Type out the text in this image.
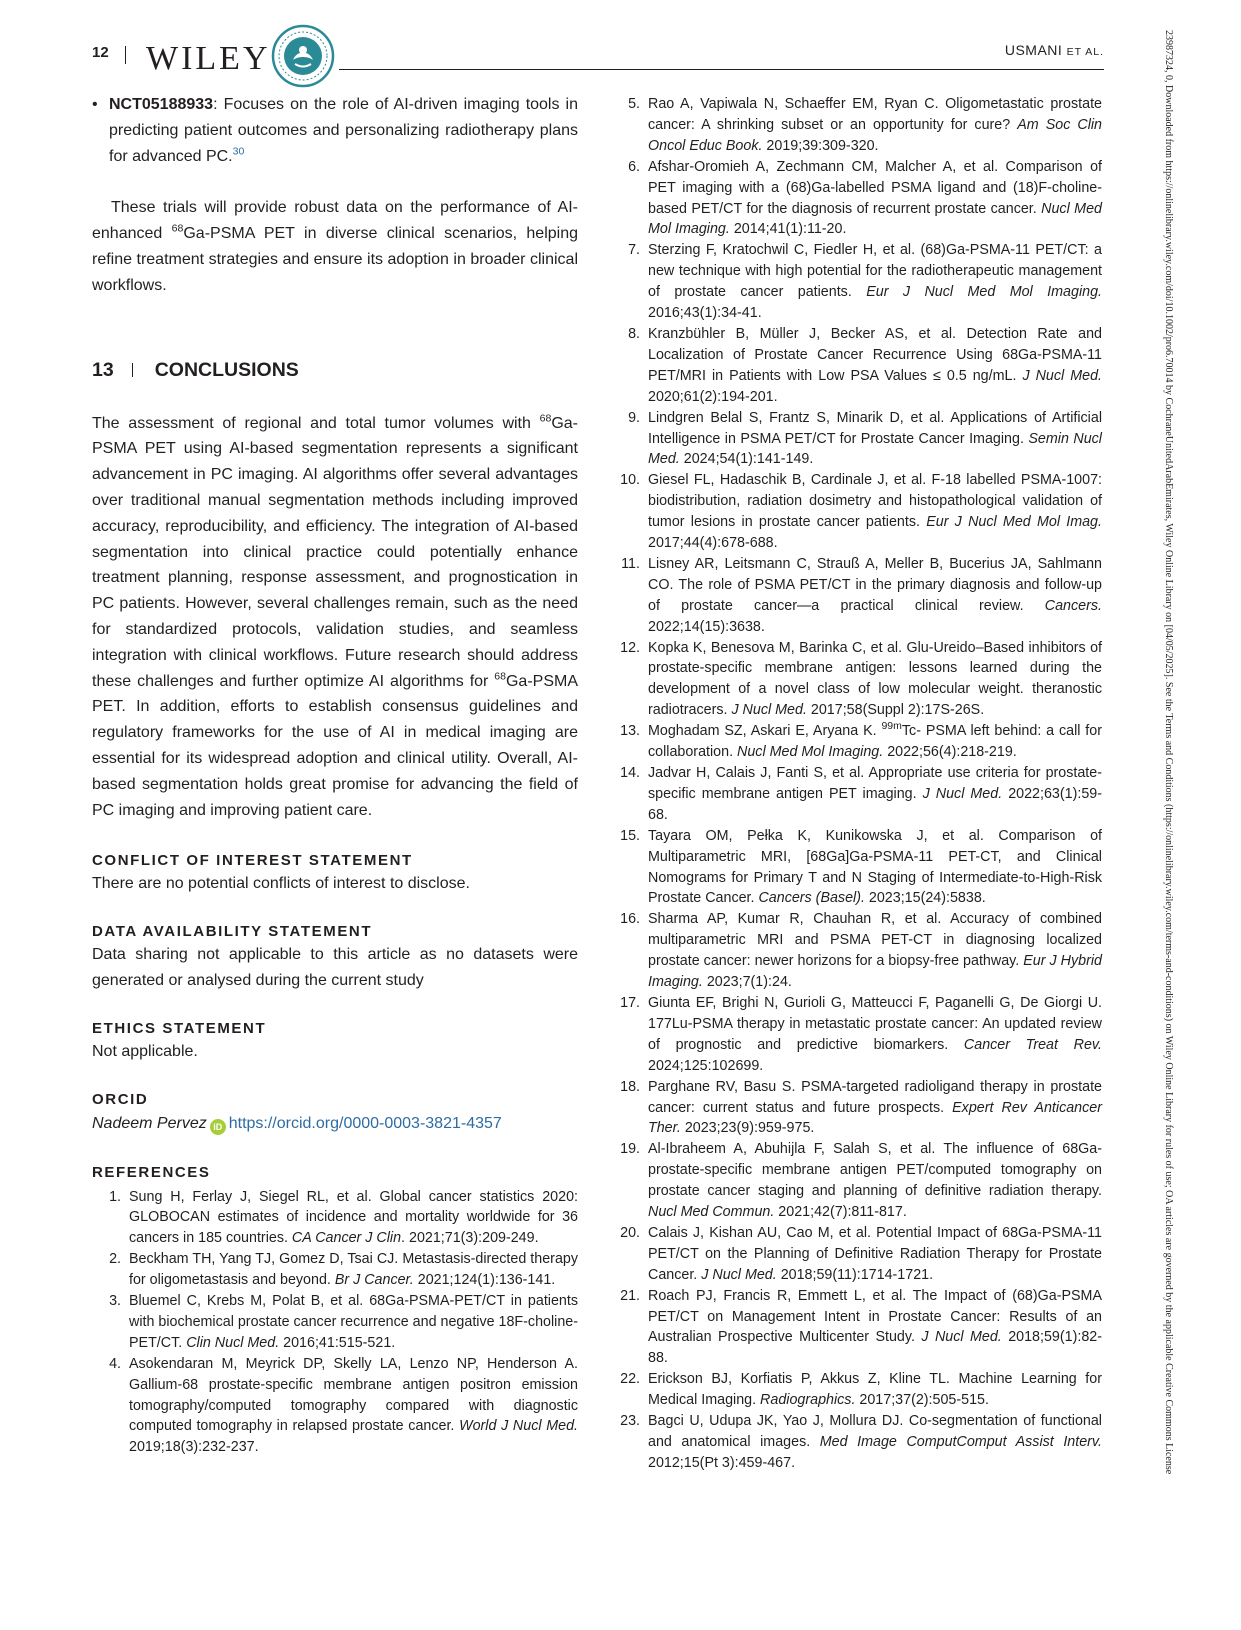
12 WILEY	USMANI ET AL.
• NCT05188933: Focuses on the role of AI-driven imaging tools in predicting patient outcomes and personalizing radiotherapy plans for advanced PC.$^{30}$

These trials will provide robust data on the performance of AI-enhanced $^{68}$Ga-PSMA PET in diverse clinical scenarios, helping refine treatment strategies and ensure its adoption in broader clinical workflows.

13 CONCLUSIONS

The assessment of regional and total tumor volumes with $^{68}$Ga-PSMA PET using AI-based segmentation represents a significant advancement in PC imaging. AI algorithms offer several advantages over traditional manual segmentation methods including improved accuracy, reproducibility, and efficiency. The integration of AI-based segmentation into clinical practice could potentially enhance treatment planning, response assessment, and prognostication in PC patients. However, several challenges remain, such as the need for standardized protocols, validation studies, and seamless integration with clinical workflows. Future research should address these challenges and further optimize AI algorithms for $^{68}$Ga-PSMA PET. In addition, efforts to establish consensus guidelines and regulatory frameworks for the use of AI in medical imaging are essential for its widespread adoption and clinical utility. Overall, AI-based segmentation holds great promise for advancing the field of PC imaging and improving patient care.

CONFLICT OF INTEREST STATEMENT

There are no potential conflicts of interest to disclose.

DATA AVAILABILITY STATEMENT

Data sharing not applicable to this article as no datasets were generated or analysed during the current study

ETHICS STATEMENT

Not applicable.

ORCID
Nadeem Pervez iD https://orcid.org/0000-0003-3821-4357
REFERENCES
1. Sung H, Ferlay J, Siegel RL, et al. Global cancer statistics 2020: GLOBOCAN estimates of incidence and mortality worldwide for 36 cancers in 185 countries. CA Cancer J Clin. 2021;71(3):209-249.
2. Beckham TH, Yang TJ, Gomez D, Tsai CJ. Metastasis-directed therapy for oligometastasis and beyond. Br J Cancer. 2021;124(1):136-141.
3. Bluemel C, Krebs M, Polat B, et al. 68Ga-PSMA-PET/CT in patients with biochemical prostate cancer recurrence and negative 18F-choline-PET/CT. Clin Nucl Med. 2016;41:515-521.
4. Asokendaran M, Meyrick DP, Skelly LA, Lenzo NP, Henderson A. Gallium-68 prostate-specific membrane antigen positron emission tomography/computed tomography compared with diagnostic computed tomography in relapsed prostate cancer. World J Nucl Med. 2019;18(3):232-237.
5. Rao A, Vapiwala N, Schaeffer EM, Ryan C. Oligometastatic prostate cancer: A shrinking subset or an opportunity for cure? Am Soc Clin Oncol Educ Book. 2019;39:309-320.
6. Afshar-Oromieh A, Zechmann CM, Malcher A, et al. Comparison of PET imaging with a (68)Ga-labelled PSMA ligand and (18)F-choline-based PET/CT for the diagnosis of recurrent prostate cancer. Nucl Med Mol Imaging. 2014;41(1):11-20.
7. Sterzing F, Kratochwil C, Fiedler H, et al. (68)Ga-PSMA-11 PET/CT: a new technique with high potential for the radiotherapeutic management of prostate cancer patients. Eur J Nucl Med Mol Imaging. 2016;43(1):34-41.
8. Kranzbühler B, Müller J, Becker AS, et al. Detection Rate and Localization of Prostate Cancer Recurrence Using 68Ga-PSMA-11 PET/MRI in Patients with Low PSA Values ≤ 0.5 ng/mL. J Nucl Med. 2020;61(2):194-201.
9. Lindgren Belal S, Frantz S, Minarik D, et al. Applications of Artificial Intelligence in PSMA PET/CT for Prostate Cancer Imaging. Semin Nucl Med. 2024;54(1):141-149.
10. Giesel FL, Hadaschik B, Cardinale J, et al. F-18 labelled PSMA-1007: biodistribution, radiation dosimetry and histopathological validation of tumor lesions in prostate cancer patients. Eur J Nucl Med Mol Imag. 2017;44(4):678-688.
11. Lisney AR, Leitsmann C, Strauß A, Meller B, Bucerius JA, Sahlmann CO. The role of PSMA PET/CT in the primary diagnosis and follow-up of prostate cancer—a practical clinical review. Cancers. 2022;14(15):3638.
12. Kopka K, Benesova M, Barinka C, et al. Glu-Ureido–Based inhibitors of prostate-specific membrane antigen: lessons learned during the development of a novel class of low molecular weight. theranostic radiotracers. J Nucl Med. 2017;58(Suppl 2):17S-26S.
13. Moghadam SZ, Askari E, Aryana K. $^{99m}$Tc- PSMA left behind: a call for collaboration. Nucl Med Mol Imaging. 2022;56(4):218-219.
14. Jadvar H, Calais J, Fanti S, et al. Appropriate use criteria for prostate-specific membrane antigen PET imaging. J Nucl Med. 2022;63(1):59-68.
15. Tayara OM, Pełka K, Kunikowska J, et al. Comparison of Multiparametric MRI, [68Ga]Ga-PSMA-11 PET-CT, and Clinical Nomograms for Primary T and N Staging of Intermediate-to-High-Risk Prostate Cancer. Cancers (Basel). 2023;15(24):5838.
16. Sharma AP, Kumar R, Chauhan R, et al. Accuracy of combined multiparametric MRI and PSMA PET-CT in diagnosing localized prostate cancer: newer horizons for a biopsy-free pathway. Eur J Hybrid Imaging. 2023;7(1):24.
17. Giunta EF, Brighi N, Gurioli G, Matteucci F, Paganelli G, De Giorgi U. 177Lu-PSMA therapy in metastatic prostate cancer: An updated review of prognostic and predictive biomarkers. Cancer Treat Rev. 2024;125:102699.
18. Parghane RV, Basu S. PSMA-targeted radioligand therapy in prostate cancer: current status and future prospects. Expert Rev Anticancer Ther. 2023;23(9):959-975.
19. Al-Ibraheem A, Abuhijla F, Salah S, et al. The influence of 68Ga-prostate-specific membrane antigen PET/computed tomography on prostate cancer staging and planning of definitive radiation therapy. Nucl Med Commun. 2021;42(7):811-817.
20. Calais J, Kishan AU, Cao M, et al. Potential Impact of 68Ga-PSMA-11 PET/CT on the Planning of Definitive Radiation Therapy for Prostate Cancer. J Nucl Med. 2018;59(11):1714-1721.
21. Roach PJ, Francis R, Emmett L, et al. The Impact of (68)Ga-PSMA PET/CT on Management Intent in Prostate Cancer: Results of an Australian Prospective Multicenter Study. J Nucl Med. 2018;59(1):82-88.
22. Erickson BJ, Korfiatis P, Akkus Z, Kline TL. Machine Learning for Medical Imaging. Radiographics. 2017;37(2):505-515.
23. Bagci U, Udupa JK, Yao J, Mollura DJ. Co-segmentation of functional and anatomical images. Med Image ComputComput Assist Interv. 2012;15(Pt 3):459-467.	23987324, 0, Downloaded from https://onlinelibrary.wiley.com/doi/10.1002/pro6.70014 by CochraneUnitedArabEmirates, Wiley Online Library on [04/05/2025]. See the Terms and Conditions (https://onlinelibrary.wiley.com/terms-and-conditions) on Wiley Online Library for rules of use; OA articles are governed by the applicable Creative Commons License
